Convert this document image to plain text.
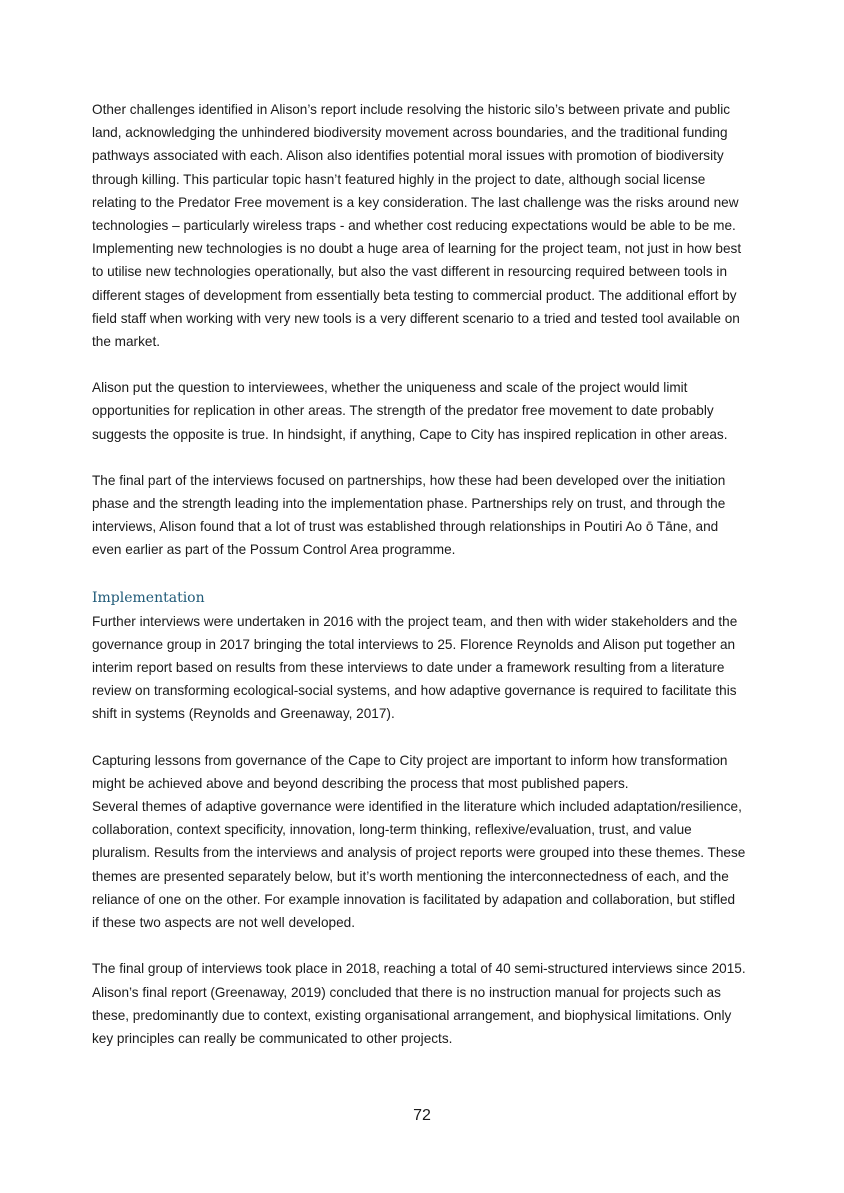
Other challenges identified in Alison’s report include resolving the historic silo’s between private and public
land, acknowledging the unhindered biodiversity movement across boundaries, and the traditional funding
pathways associated with each. Alison also identifies potential moral issues with promotion of biodiversity
through killing. This particular topic hasn’t featured highly in the project to date, although social license
relating to the Predator Free movement is a key consideration. The last challenge was the risks around new
technologies – particularly wireless traps - and whether cost reducing expectations would be able to be me.
Implementing new technologies is no doubt a huge area of learning for the project team, not just in how best
to utilise new technologies operationally, but also the vast different in resourcing required between tools in
different stages of development from essentially beta testing to commercial product. The additional effort by
field staff when working with very new tools is a very different scenario to a tried and tested tool available on
the market.

Alison put the question to interviewees, whether the uniqueness and scale of the project would limit
opportunities for replication in other areas. The strength of the predator free movement to date probably
suggests the opposite is true. In hindsight, if anything, Cape to City has inspired replication in other areas.

The final part of the interviews focused on partnerships, how these had been developed over the initiation
phase and the strength leading into the implementation phase. Partnerships rely on trust, and through the
interviews, Alison found that a lot of trust was established through relationships in Poutiri Ao ō Tāne, and
even earlier as part of the Possum Control Area programme.

Implementation

Further interviews were undertaken in 2016 with the project team, and then with wider stakeholders and the
governance group in 2017 bringing the total interviews to 25. Florence Reynolds and Alison put together an
interim report based on results from these interviews to date under a framework resulting from a literature
review on transforming ecological-social systems, and how adaptive governance is required to facilitate this
shift in systems (Reynolds and Greenaway, 2017).

Capturing lessons from governance of the Cape to City project are important to inform how transformation
might be achieved above and beyond describing the process that most published papers.

Several themes of adaptive governance were identified in the literature which included adaptation/resilience,
collaboration, context specificity, innovation, long-term thinking, reflexive/evaluation, trust, and value
pluralism. Results from the interviews and analysis of project reports were grouped into these themes. These
themes are presented separately below, but it’s worth mentioning the interconnectedness of each, and the
reliance of one on the other. For example innovation is facilitated by adapation and collaboration, but stifled
if these two aspects are not well developed.

The final group of interviews took place in 2018, reaching a total of 40 semi-structured interviews since 2015.
Alison’s final report (Greenaway, 2019) concluded that there is no instruction manual for projects such as
these, predominantly due to context, existing organisational arrangement, and biophysical limitations. Only
key principles can really be communicated to other projects.

72
